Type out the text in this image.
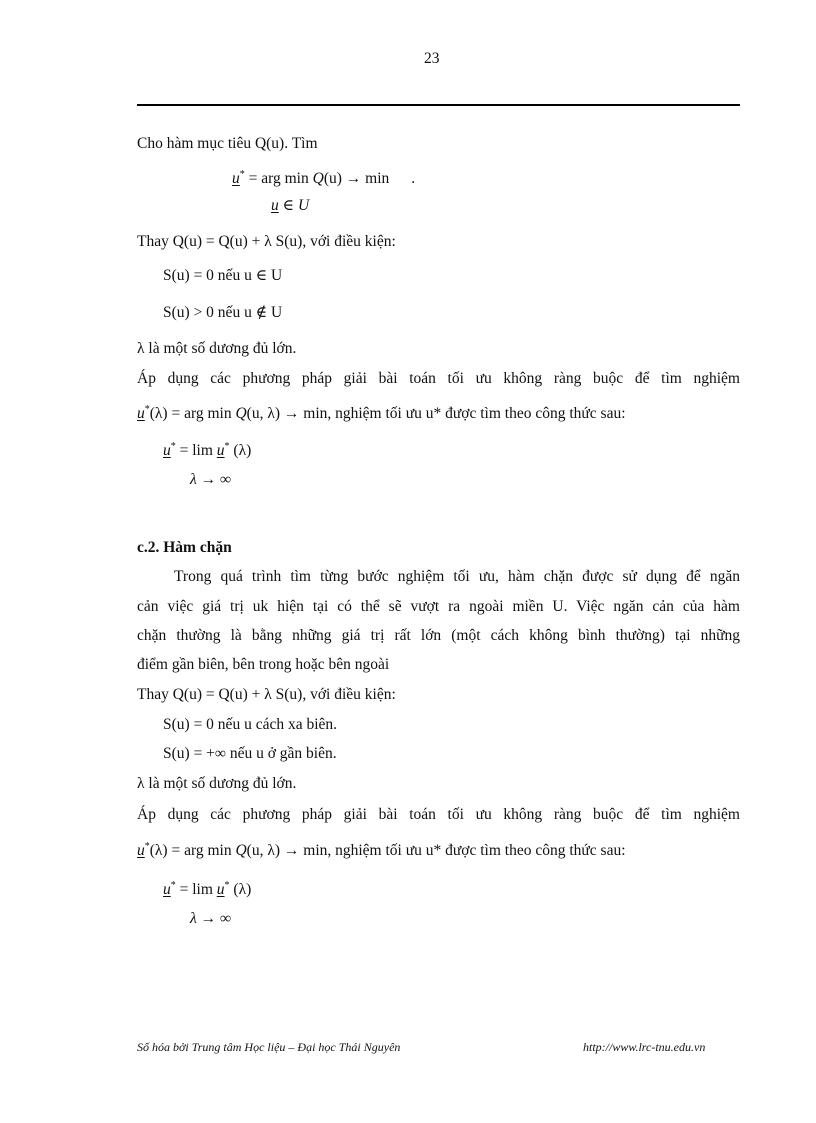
23
Cho hàm mục tiêu Q(u). Tìm
u* = arg min Q(u) → min .
u ∈ U
Thay Q(u) = Q(u) + λ S(u), với điều kiện:
S(u) = 0 nếu u ∈ U
S(u) > 0 nếu u ∉ U
λ là một số dương đủ lớn.
Áp dụng các phương pháp giải bài toán tối ưu không ràng buộc để tìm nghiệm
u*(λ) = arg min Q(u, λ) → min, nghiệm tối ưu u* được tìm theo công thức sau:
u* = lim u* (λ)
λ → ∞
c.2. Hàm chặn
Trong quá trình tìm từng bước nghiệm tối ưu, hàm chặn được sử dụng để ngăn
cản việc giá trị uk hiện tại có thể sẽ vượt ra ngoài miền U. Việc ngăn cản của hàm
chặn thường là bằng những giá trị rất lớn (một cách không bình thường) tại những
điểm gần biên, bên trong hoặc bên ngoài
Thay Q(u) = Q(u) + λ S(u), với điều kiện:
S(u) = 0 nếu u cách xa biên.
S(u) = +∞ nếu u ở gần biên.
λ là một số dương đủ lớn.
Áp dụng các phương pháp giải bài toán tối ưu không ràng buộc để tìm nghiệm
u*(λ) = arg min Q(u, λ) → min, nghiệm tối ưu u* được tìm theo công thức sau:
u* = lim u* (λ)
λ → ∞
Số hóa bởi Trung tâm Học liệu – Đại học Thái Nguyên	http://www.lrc-tnu.edu.vn
